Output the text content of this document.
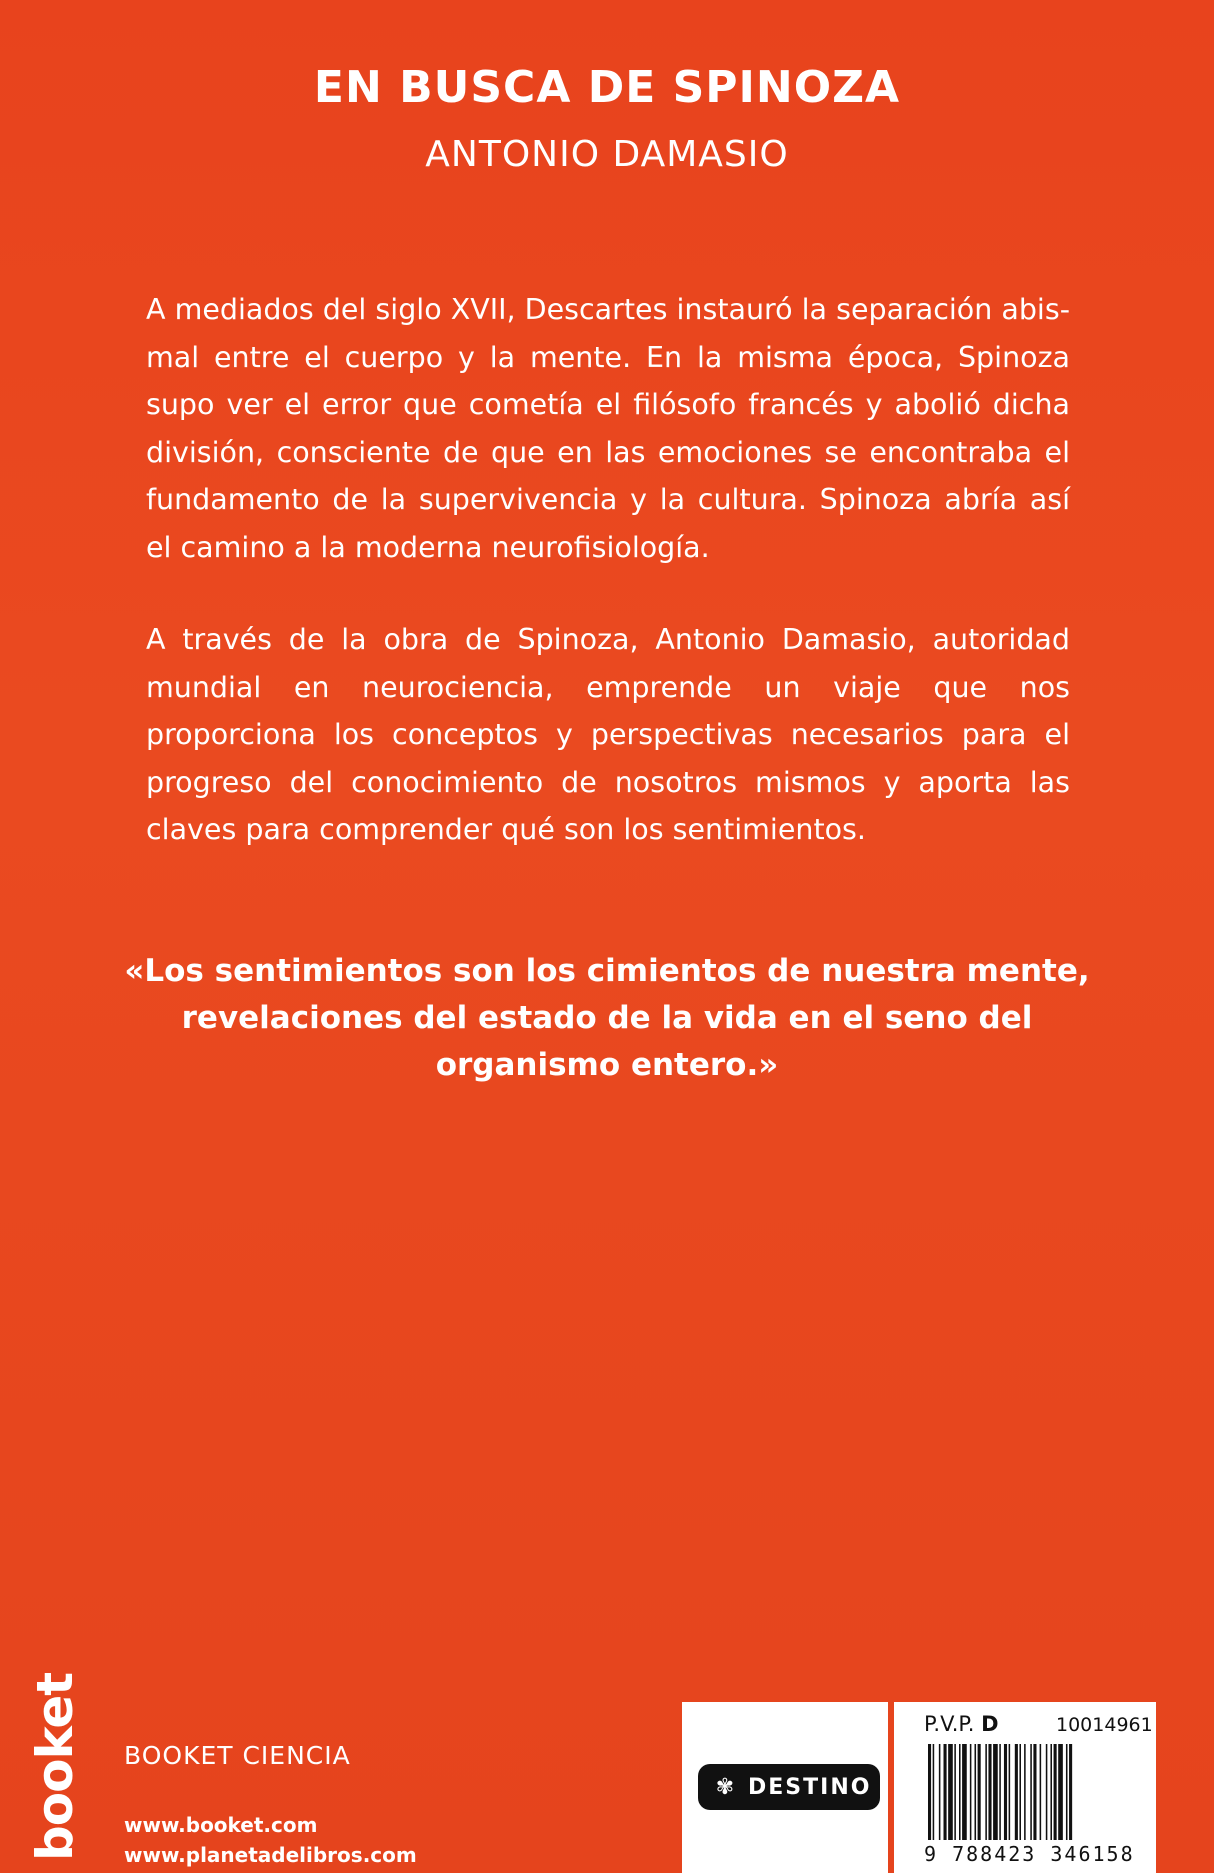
EN BUSCA DE SPINOZA
ANTONIO DAMASIO

A mediados del siglo XVII, Descartes instauró la separación abismal entre el cuerpo y la mente. En la misma época, Spinoza supo ver el error que cometía el filósofo francés y abolió dicha división, consciente de que en las emociones se encontraba el fundamento de la supervivencia y la cultura. Spinoza abría así el camino a la moderna neurofisiología.

A través de la obra de Spinoza, Antonio Damasio, autoridad mundial en neurociencia, emprende un viaje que nos proporciona los conceptos y perspectivas necesarios para el progreso del conocimiento de nosotros mismos y aporta las claves para comprender qué son los sentimientos.

«Los sentimientos son los cimientos de nuestra mente, revelaciones del estado de la vida en el seno del organismo entero.»

booket BOOKET CIENCIA
www.booket.com
www.planetadelibros.com
✾ DESTINO
P.V.P. D	10014961
9 788423 346158
